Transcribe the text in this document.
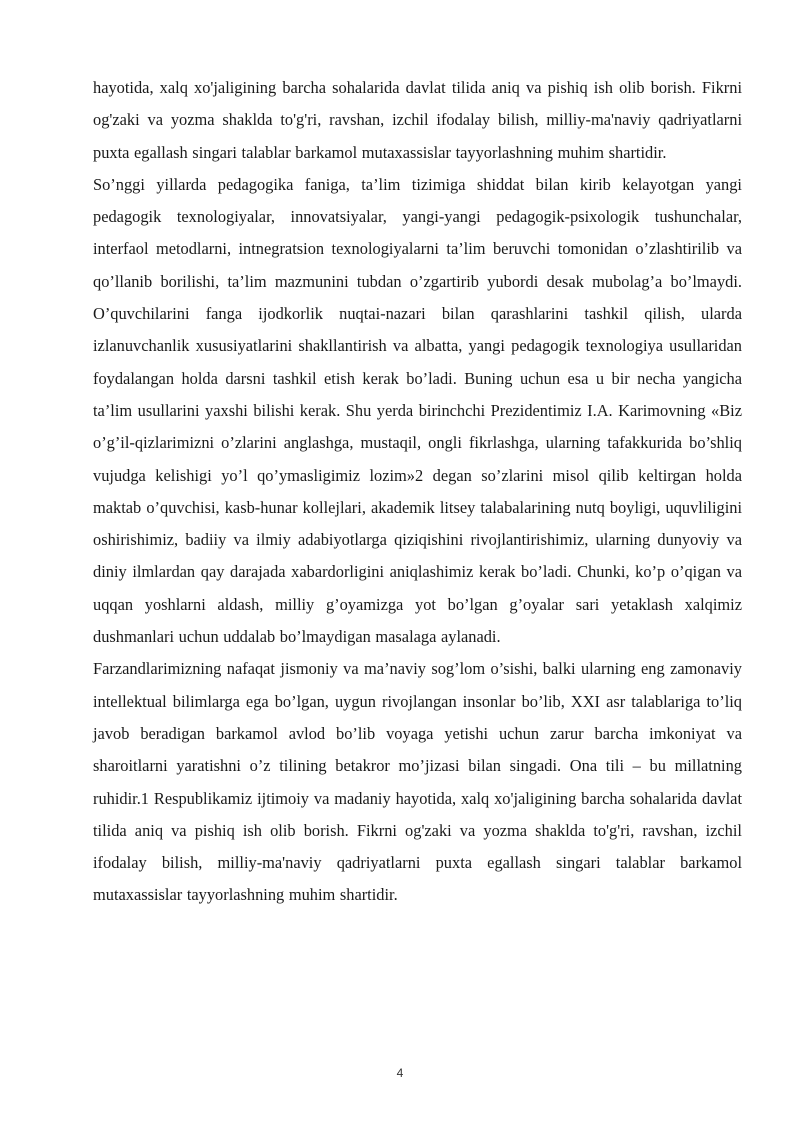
hayotida, xalq xo'jaligining barcha sohalarida davlat tilida aniq va pishiq ish olib borish. Fikrni og'zaki va yozma shaklda to'g'ri, ravshan, izchil ifodalay bilish, milliy-ma'naviy qadriyatlarni puxta egallash singari talablar barkamol mutaxassislar tayyorlashning muhim shartidir.

So’nggi yillarda pedagogika faniga, ta’lim tizimiga shiddat bilan kirib kelayotgan yangi pedagogik texnologiyalar, innovatsiyalar, yangi-yangi pedagogik-psixologik tushunchalar, interfaol metodlarni, intnegratsion texnologiyalarni ta’lim beruvchi tomonidan o’zlashtirilib va qo’llanib borilishi, ta’lim mazmunini tubdan o’zgartirib yubordi desak mubolag’a bo’lmaydi. O’quvchilarini fanga ijodkorlik nuqtai-nazari bilan qarashlarini tashkil qilish, ularda izlanuvchanlik xususiyatlarini shakllantirish va albatta, yangi pedagogik texnologiya usullaridan foydalangan holda darsni tashkil etish kerak bo’ladi. Buning uchun esa u bir necha yangicha ta’lim usullarini yaxshi bilishi kerak. Shu yerda birinchchi Prezidentimiz I.A. Karimovning «Biz o’g’il-qizlarimizni o’zlarini anglashga, mustaqil, ongli fikrlashga, ularning tafakkurida bo’shliq vujudga kelishigi yo’l qo’ymasligimiz lozim»2 degan so’zlarini misol qilib keltirgan holda maktab o’quvchisi, kasb-hunar kollejlari, akademik litsey talabalarining nutq boyligi, uquvliligini oshirishimiz, badiiy va ilmiy adabiyotlarga qiziqishini rivojlantirishimiz, ularning dunyoviy va diniy ilmlardan qay darajada xabardorligini aniqlashimiz kerak bo’ladi. Chunki, ko’p o’qigan va uqqan yoshlarni aldash, milliy g’oyamizga yot bo’lgan g’oyalar sari yetaklash xalqimiz dushmanlari uchun uddalab bo’lmaydigan masalaga aylanadi.

Farzandlarimizning nafaqat jismoniy va ma’naviy sog’lom o’sishi, balki ularning eng zamonaviy intellektual bilimlarga ega bo’lgan, uygun rivojlangan insonlar bo’lib, XXI asr talablariga to’liq javob beradigan barkamol avlod bo’lib voyaga yetishi uchun zarur barcha imkoniyat va sharoitlarni yaratishni o’z tilining betakror mo’jizasi bilan singadi. Ona tili – bu millatning ruhidir.1 Respublikamiz ijtimoiy va madaniy hayotida, xalq xo'jaligining barcha sohalarida davlat tilida aniq va pishiq ish olib borish. Fikrni og'zaki va yozma shaklda to'g'ri, ravshan, izchil ifodalay bilish, milliy-ma'naviy qadriyatlarni puxta egallash singari talablar barkamol mutaxassislar tayyorlashning muhim shartidir.

4
